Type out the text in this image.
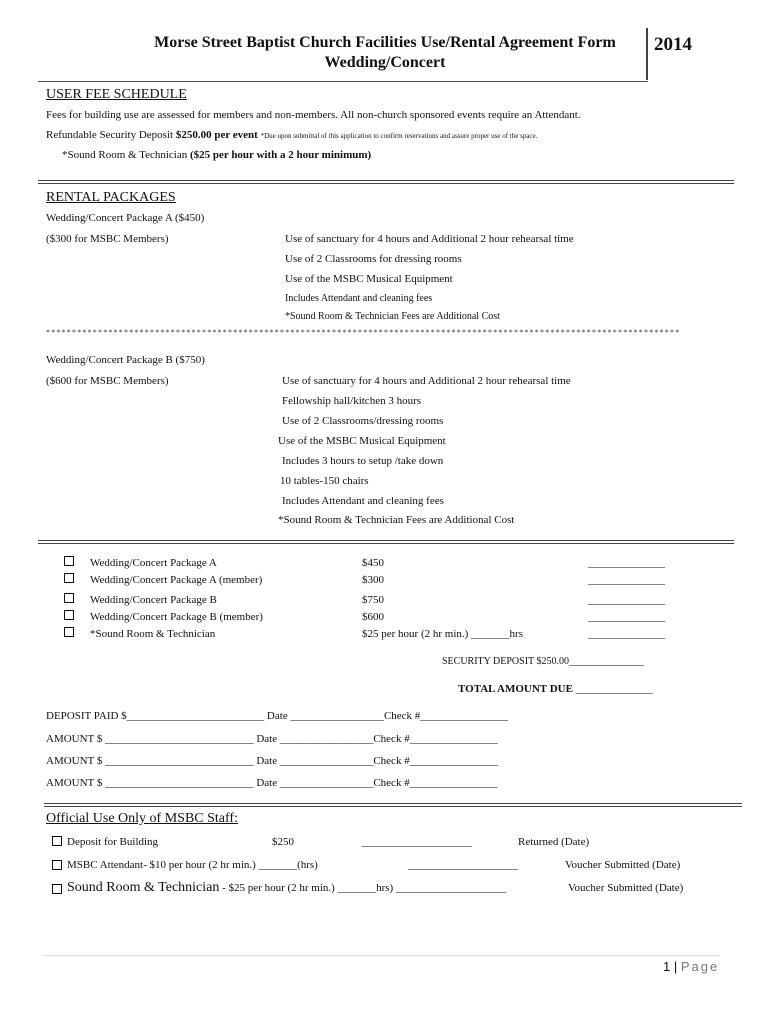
Morse Street Baptist Church Facilities Use/Rental Agreement Form
Wedding/Concert
2014
USER FEE SCHEDULE
Fees for building use are assessed for members and non-members. All non-church sponsored events require an Attendant.
Refundable Security Deposit $250.00 per event *Due upon submittal of this application to confirm reservations and assure proper use of the space.
*Sound Room & Technician ($25 per hour with a 2 hour minimum)
RENTAL PACKAGES
Wedding/Concert Package A ($450)
($300 for MSBC Members)	Use of sanctuary for 4 hours and Additional 2 hour rehearsal time
Use of 2 Classrooms for dressing rooms
Use of the MSBC Musical Equipment
Includes Attendant and cleaning fees
*Sound Room & Technician Fees are Additional Cost
**************************************************************************************************************************
Wedding/Concert Package B ($750)
($600 for MSBC Members)	Use of sanctuary for 4 hours and Additional 2 hour rehearsal time
Fellowship hall/kitchen 3 hours
Use of 2 Classrooms/dressing rooms
Use of the MSBC Musical Equipment
Includes 3 hours to setup /take down
10 tables-150 chairs
Includes Attendant and cleaning fees
*Sound Room & Technician Fees are Additional Cost
Wedding/Concert Package A	$450	______________
Wedding/Concert Package A (member)	$300	______________
Wedding/Concert Package B	$750	______________
Wedding/Concert Package B (member)	$600	______________
*Sound Room & Technician	$25 per hour (2 hr min.) _______hrs	______________
SECURITY DEPOSIT $250.00_______________
TOTAL AMOUNT DUE ______________
DEPOSIT PAID $_________________________ Date _________________Check #________________
AMOUNT $ ___________________________ Date _________________Check #________________
AMOUNT $ ___________________________ Date _________________Check #________________
AMOUNT $ ___________________________ Date _________________Check #________________
Official Use Only of MSBC Staff:
Deposit for Building	$250	____________________	Returned (Date)
MSBC Attendant- $10 per hour (2 hr min.) _______(hrs)	____________________	Voucher Submitted (Date)
Sound Room & Technician - $25 per hour (2 hr min.) _______hrs) ____________________	Voucher Submitted (Date)
1 | Page
